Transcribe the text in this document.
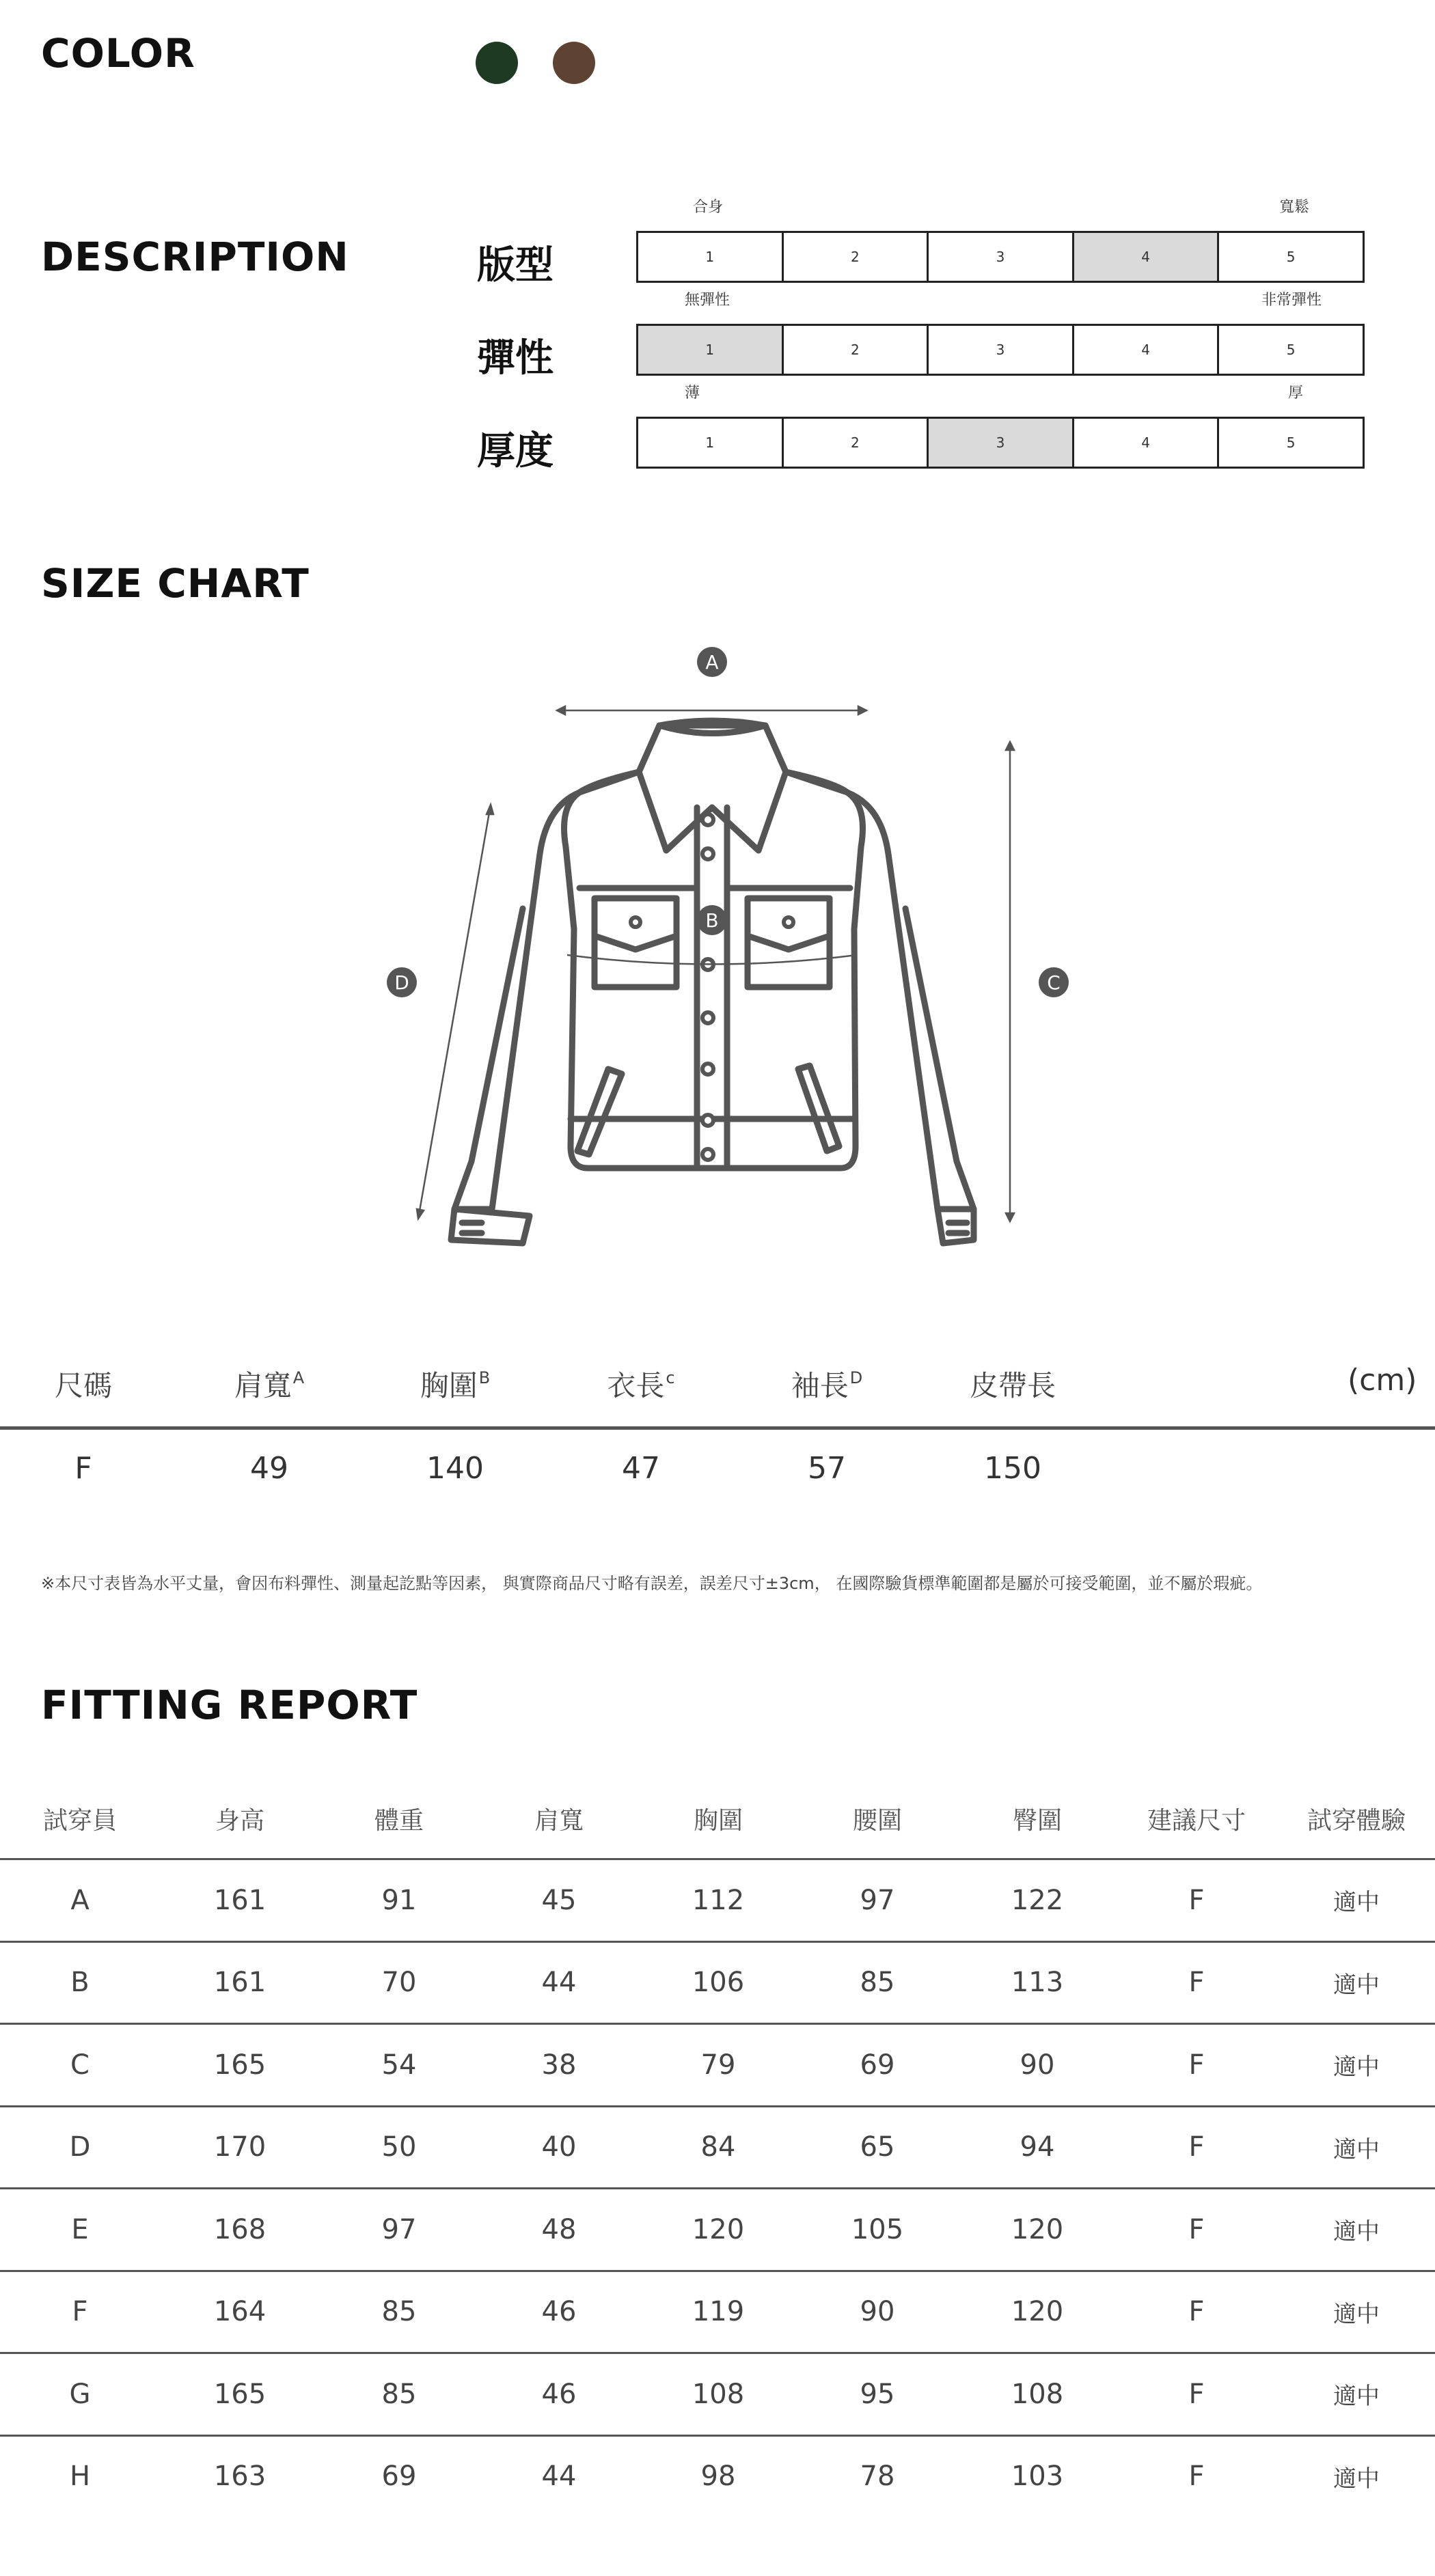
COLOR
DESCRIPTION	版型
合身	寬鬆
1	2	3	4	5
彈性
無彈性	非常彈性
1	2	3	4	5
厚度
薄	厚
1	2	3	4	5
SIZE CHART
A
B
C
D
尺碼	肩寬$^A$	胸圍$^B$	衣長$^c$	袖長$^D$	皮帶長	(cm)
F	49	140	47	57	150
※本尺寸表皆為水平丈量，會因布料彈性、測量起訖點等因素， 與實際商品尺寸略有誤差，誤差尺寸±3cm， 在國際驗貨標準範圍都是屬於可接受範圍，並不屬於瑕疵。
FITTING REPORT
試穿員	身高	體重	肩寬	胸圍	腰圍	臀圍	建議尺寸 試穿體驗
A	161	91	45	112	97	122	F	適中
B	161	70	44	106	85	113	F	適中
C	165	54	38	79	69	90	F	適中
D	170	50	40	84	65	94	F	適中
E	168	97	48	120	105	120	F	適中
F	164	85	46	119	90	120	F	適中
G	165	85	46	108	95	108	F	適中
H	163	69	44	98	78	103	F	適中
